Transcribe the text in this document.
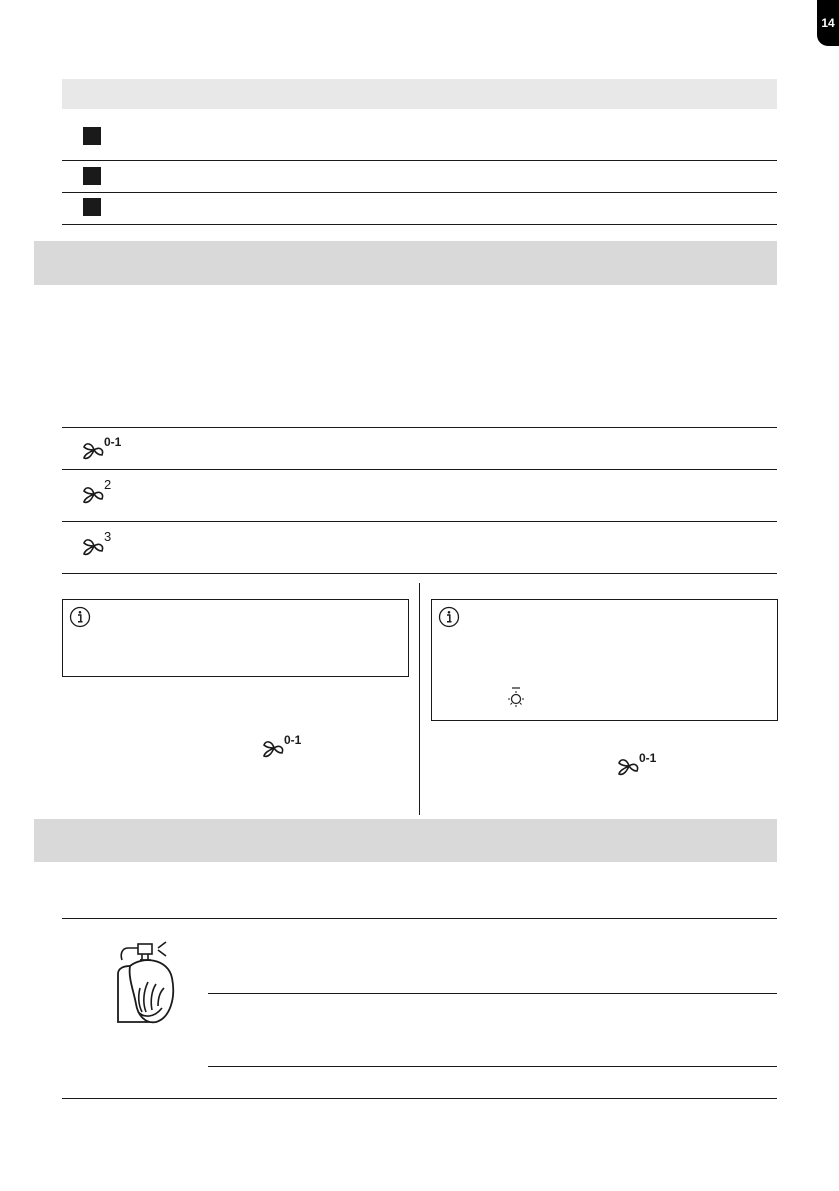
14
0-1
2
3
0-1
0-1
